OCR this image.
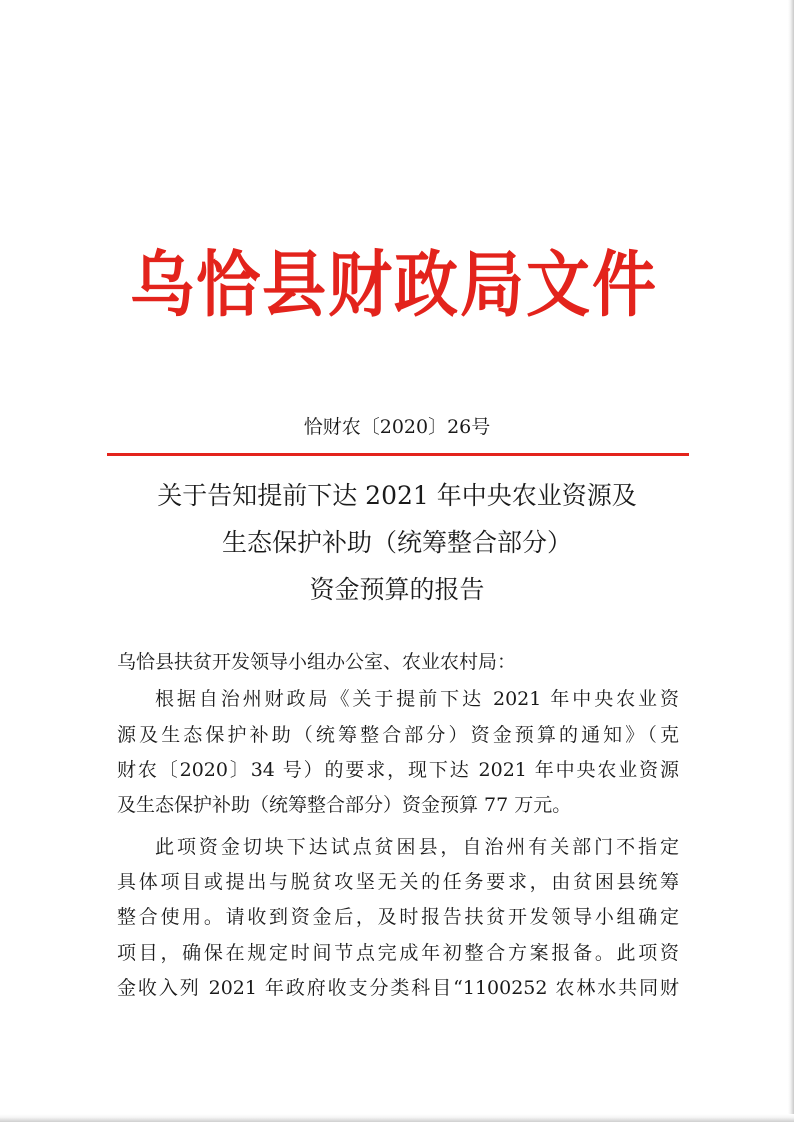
乌恰县财政局文件
恰财农〔2020〕26号
关于告知提前下达 2021 年中央农业资源及
生态保护补助（统筹整合部分）
资金预算的报告
乌恰县扶贫开发领导小组办公室、农业农村局：
根据自治州财政局《关于提前下达 2021 年中央农业资
源及生态保护补助（统筹整合部分）资金预算的通知》（克
财农〔2020〕34 号）的要求，现下达 2021 年中央农业资源
及生态保护补助（统筹整合部分）资金预算 77 万元。
此项资金切块下达试点贫困县，自治州有关部门不指定
具体项目或提出与脱贫攻坚无关的任务要求，由贫困县统筹
整合使用。请收到资金后，及时报告扶贫开发领导小组确定
项目，确保在规定时间节点完成年初整合方案报备。此项资
金收入列 2021 年政府收支分类科目“1100252 农林水共同财
